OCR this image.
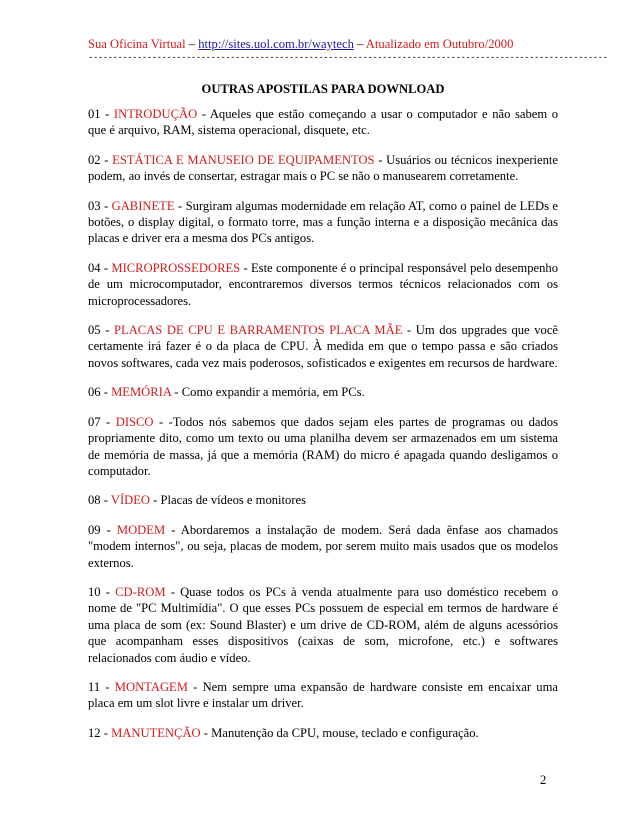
Sua Oficina Virtual – http://sites.uol.com.br/waytech – Atualizado em Outubro/2000
----------------------------------------------------------------------------------------------------------
OUTRAS APOSTILAS PARA DOWNLOAD

01 - INTRODUÇÃO - Aqueles que estão começando a usar o computador e não sabem o que é arquivo, RAM, sistema operacional, disquete, etc.

02 - ESTÁTICA E MANUSEIO DE EQUIPAMENTOS - Usuários ou técnicos inexperiente podem, ao invés de consertar, estragar mais o PC se não o manusearem corretamente.

03 - GABINETE - Surgiram algumas modernidade em relação AT, como o painel de LEDs e botões, o display digital, o formato torre, mas a função interna e a disposição mecânica das placas e driver era a mesma dos PCs antigos.

04 - MICROPROSSEDORES - Este componente é o principal responsável pelo desempenho de um microcomputador, encontraremos diversos termos técnicos relacionados com os microprocessadores.

05 - PLACAS DE CPU E BARRAMENTOS PLACA MÃE - Um dos upgrades que você certamente irá fazer é o da placa de CPU. À medida em que o tempo passa e são criados novos softwares, cada vez mais poderosos, sofisticados e exigentes em recursos de hardware.

06 - MEMÓRIA - Como expandir a memória, em PCs.

07 - DISCO - -Todos nós sabemos que dados sejam eles partes de programas ou dados propriamente dito, como um texto ou uma planilha devem ser armazenados em um sistema de memória de massa, já que a memória (RAM) do micro é apagada quando desligamos o computador.

08 - VÍDEO - Placas de vídeos e monitores

09 - MODEM - Abordaremos a instalação de modem. Será dada ênfase aos chamados "modem internos", ou seja, placas de modem, por serem muito mais usados que os modelos externos.

10 - CD-ROM - Quase todos os PCs à venda atualmente para uso doméstico recebem o nome de "PC Multimídia". O que esses PCs possuem de especial em termos de hardware é uma placa de som (ex: Sound Blaster) e um drive de CD-ROM, além de alguns acessórios que acompanham esses dispositivos (caixas de som, microfone, etc.) e softwares relacionados com áudio e vídeo.

11 - MONTAGEM - Nem sempre uma expansão de hardware consiste em encaixar uma placa em um slot livre e instalar um driver.

12 - MANUTENÇÃO - Manutenção da CPU, mouse, teclado e configuração.

2
